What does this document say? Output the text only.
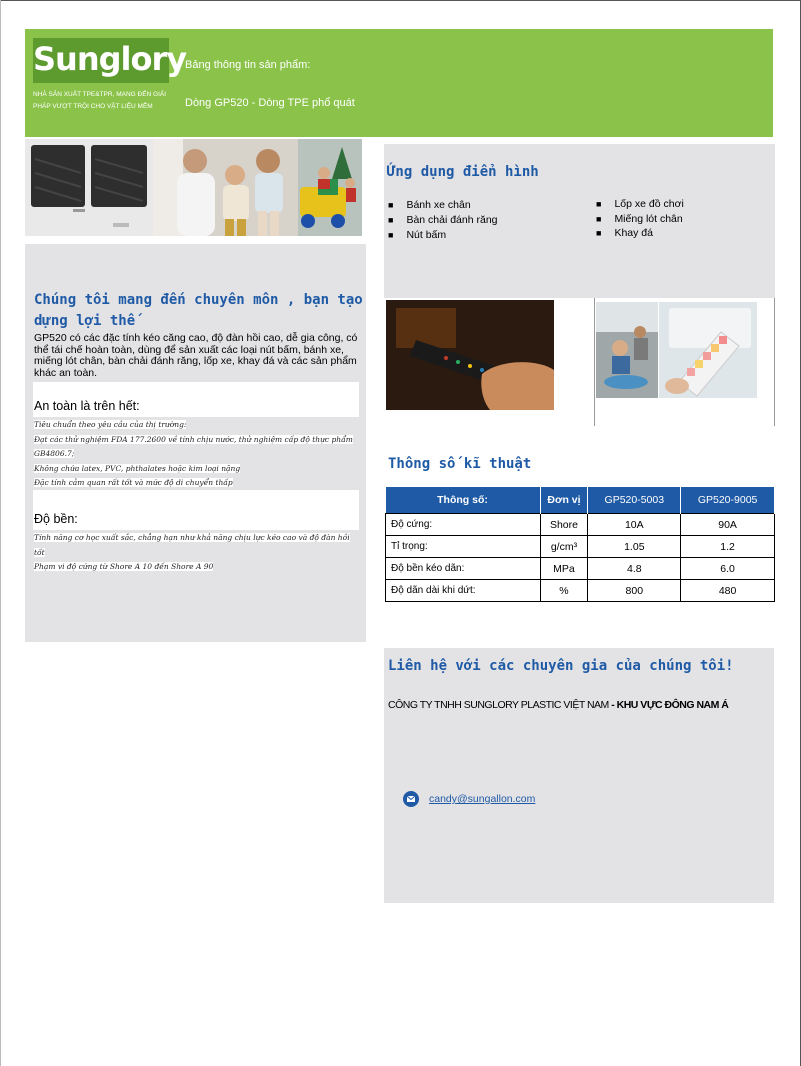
Sunglory
NHÀ SẢN XUẤT TPE&TPR, MANG ĐẾN GIẢI PHÁP VƯỢT TRỘI CHO VẬT LIỆU MỀM
Bảng thông tin sản phẩm:
Dòng GP520 - Dòng TPE phổ quát
Chúng tôi mang đến chuyên môn , bạn tạo dựng lợi thế
GP520 có các đặc tính kéo căng cao, độ đàn hồi cao, dễ gia công, có thể tái chế hoàn toàn, dùng để sản xuất các loại nút bấm, bánh xe, miếng lót chân, bàn chải đánh răng, lốp xe, khay đá và các sản phẩm khác an toàn.
An toàn là trên hết:
Tiêu chuẩn theo yêu cầu của thị trường:
Đạt các thử nghiệm FDA 177.2600 về tính chịu nước, thử nghiệm cấp độ thực phẩm GB4806.7;
Không chứa latex, PVC, phthalates hoặc kim loại nặng
Đặc tính cảm quan rất tốt và mức độ di chuyển thấp
Độ bền:
Tính năng cơ học xuất sắc, chẳng hạn như khả năng chịu lực kéo cao và độ đàn hồi tốt
Phạm vi độ cứng từ Shore A 10 đến Shore A 90
Ứng dụng điển hình
■ Bánh xe chân
■ Bàn chải đánh răng
■ Nút bấm
■ Lốp xe đồ chơi
■ Miếng lót chân
■ Khay đá
Thông số kĩ thuật
Thông số:	Đơn vị	GP520-5003	GP520-9005
Độ cứng:	Shore	10A	90A
Tỉ trọng:	g/cm³	1.05	1.2
Độ bền kéo dãn:	MPa	4.8	6.0
Độ dãn dài khi dứt:	%	800	480
Liên hệ với các chuyên gia của chúng tôi!
CÔNG TY TNHH SUNGLORY PLASTIC VIỆT NAM - KHU VỰC ĐÔNG NAM Á
candy@sungallon.com
